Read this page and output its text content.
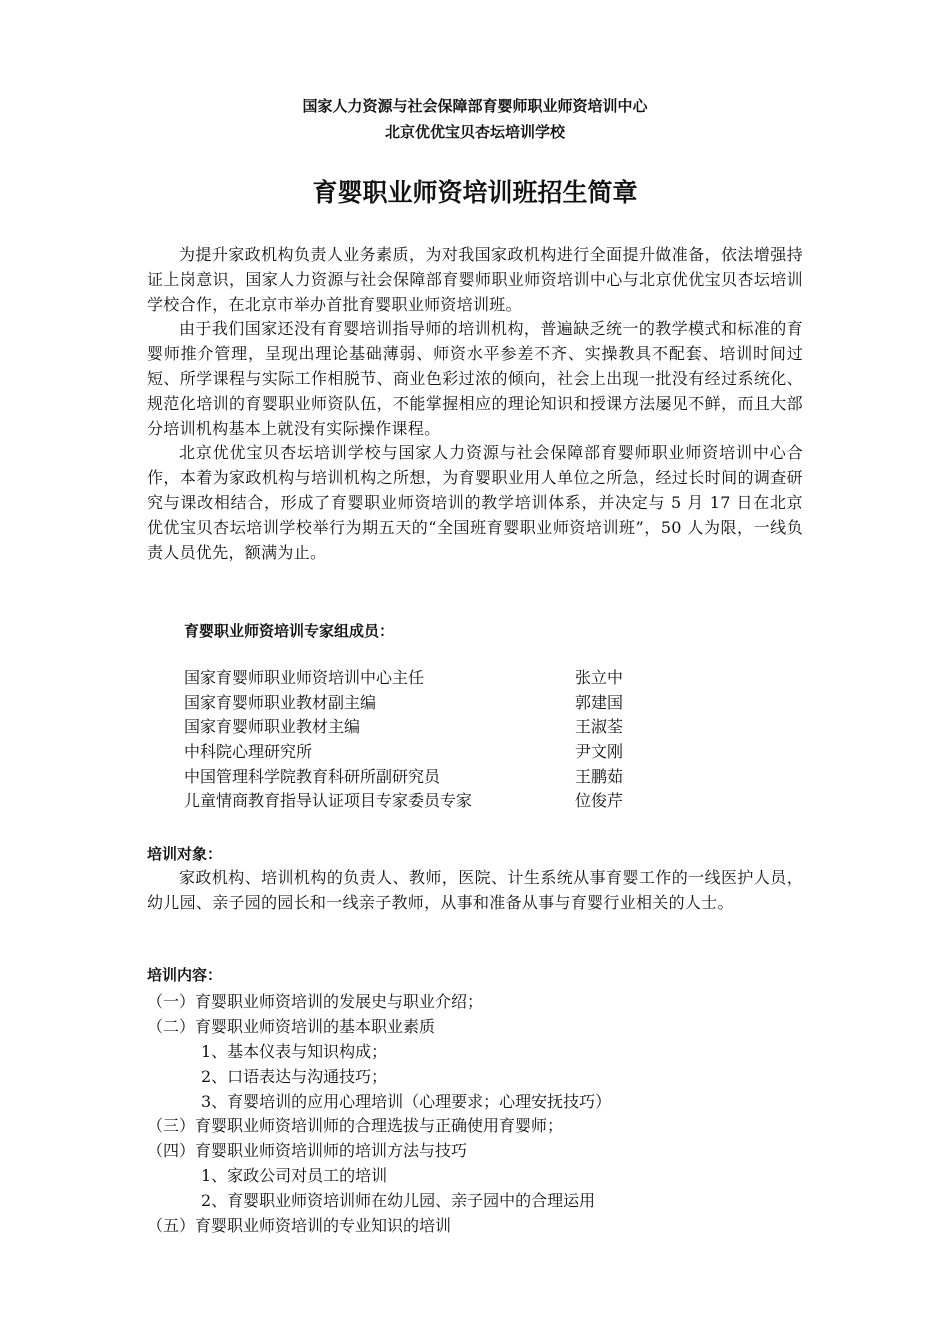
国家人力资源与社会保障部育婴师职业师资培训中心
北京优优宝贝杏坛培训学校
育婴职业师资培训班招生简章

为提升家政机构负责人业务素质，为对我国家政机构进行全面提升做准备，依法增强持证上岗意识，国家人力资源与社会保障部育婴师职业师资培训中心与北京优优宝贝杏坛培训学校合作，在北京市举办首批育婴职业师资培训班。

由于我们国家还没有育婴培训指导师的培训机构，普遍缺乏统一的教学模式和标准的育婴师推介管理，呈现出理论基础薄弱、师资水平参差不齐、实操教具不配套、培训时间过短、所学课程与实际工作相脱节、商业色彩过浓的倾向，社会上出现一批没有经过系统化、规范化培训的育婴职业师资队伍，不能掌握相应的理论知识和授课方法屡见不鲜，而且大部分培训机构基本上就没有实际操作课程。

北京优优宝贝杏坛培训学校与国家人力资源与社会保障部育婴师职业师资培训中心合作，本着为家政机构与培训机构之所想，为育婴职业用人单位之所急，经过长时间的调查研究与课改相结合，形成了育婴职业师资培训的教学培训体系，并决定与 5 月 17 日在北京优优宝贝杏坛培训学校举行为期五天的“全国班育婴职业师资培训班”，50 人为限，一线负责人员优先，额满为止。

育婴职业师资培训专家组成员：
国家育婴师职业师资培训中心主任	张立中
国家育婴师职业教材副主编	郭建国
国家育婴师职业教材主编	王淑荃
中科院心理研究所	尹文刚
中国管理科学院教育科研所副研究员	王鹏茹
儿童情商教育指导认证项目专家委员专家	位俊芹
培训对象：

家政机构、培训机构的负责人、教师，医院、计生系统从事育婴工作的一线医护人员，幼儿园、亲子园的园长和一线亲子教师，从事和准备从事与育婴行业相关的人士。

培训内容：
（一）育婴职业师资培训的发展史与职业介绍；
（二）育婴职业师资培训的基本职业素质
1、基本仪表与知识构成；
2、口语表达与沟通技巧；
3、育婴培训的应用心理培训（心理要求；心理安抚技巧）
（三）育婴职业师资培训师的合理选拔与正确使用育婴师；
（四）育婴职业师资培训师的培训方法与技巧
1、家政公司对员工的培训
2、育婴职业师资培训师在幼儿园、亲子园中的合理运用
（五）育婴职业师资培训的专业知识的培训
